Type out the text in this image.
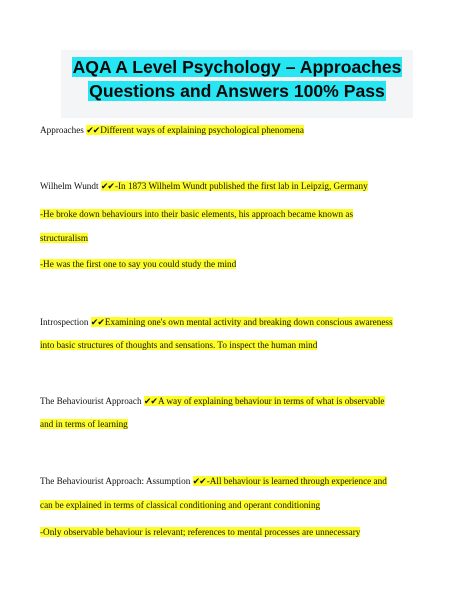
AQA A Level Psychology – Approaches
Questions and Answers 100% Pass

Approaches ✔✔Different ways of explaining psychological phenomena
Wilhelm Wundt ✔✔-In 1873 Wilhelm Wundt published the first lab in Leipzig, Germany
-He broke down behaviours into their basic elements, his approach became known as
structuralism
-He was the first one to say you could study the mind
Introspection ✔✔Examining one's own mental activity and breaking down conscious awareness
into basic structures of thoughts and sensations. To inspect the human mind
The Behaviourist Approach ✔✔A way of explaining behaviour in terms of what is observable
and in terms of learning
The Behaviourist Approach: Assumption ✔✔-All behaviour is learned through experience and
can be explained in terms of classical conditioning and operant conditioning
-Only observable behaviour is relevant; references to mental processes are unnecessary
